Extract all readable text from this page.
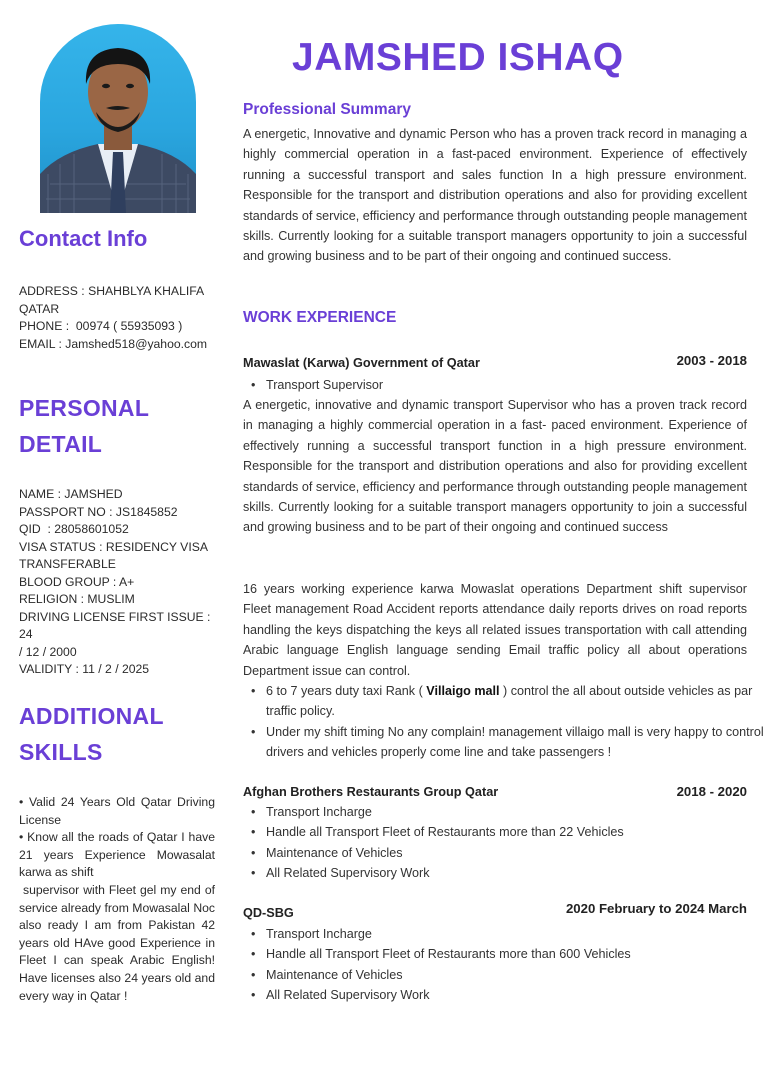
Contact Info
ADDRESS : SHAHBLYA KHALIFA
QATAR
PHONE :  00974 ( 55935093 )
EMAIL : Jamshed518@yahoo.com
PERSONAL
DETAIL
NAME : JAMSHED
PASSPORT NO : JS1845852
QID  : 28058601052
VISA STATUS : RESIDENCY VISA
TRANSFERABLE
BLOOD GROUP : A+
RELIGION : MUSLIM
DRIVING LICENSE FIRST ISSUE : 24
/ 12 / 2000
VALIDITY : 11 / 2 / 2025
ADDITIONAL
SKILLS
• Valid 24 Years Old Qatar Driving License
• Know all the roads of Qatar I have 21 years Experience Mowasalat karwa as shift
supervisor with Fleet gel my end of service already from Mowasalal Noc also ready I am from Pakistan 42 years old HAve good Experience in Fleet I can speak Arabic English! Have licenses also 24 years old and every way in Qatar !
JAMSHED ISHAQ
Professional Summary

A energetic, Innovative and dynamic Person who has a proven track record in managing a highly commercial operation in a fast-paced environment. Experience of effectively running a successful transport and sales function In a high pressure environment. Responsible for the transport and distribution operations and also for providing excellent standards of service, efficiency and performance through outstanding people management skills. Currently looking for a suitable transport managers opportunity to join a successful and growing business and to be part of their ongoing and continued success.

WORK EXPERIENCE
Mawaslat (Karwa) Government of Qatar	2003 - 2018
• Transport Supervisor

A energetic, innovative and dynamic transport Supervisor who has a proven track record in managing a highly commercial operation in a fast- paced environment. Experience of effectively running a successful transport function in a high pressure environment. Responsible for the transport and distribution operations and also for providing excellent standards of service, efficiency and performance through outstanding people management skills. Currently looking for a suitable transport managers opportunity to join a successful and growing business and to be part of their ongoing and continued success

16 years working experience karwa Mowaslat operations Department shift supervisor Fleet management Road Accident reports attendance daily reports drives on road reports handling the keys dispatching the keys all related issues transportation with call attending Arabic language English language sending Email traffic policy all about operations Department issue can control.

• 6 to 7 years duty taxi Rank ( Villaigo mall ) control the all about outside vehicles as par traffic policy.
• Under my shift timing No any complain! management villaigo mall is very happy to control drivers and vehicles properly come line and take passengers !
Afghan Brothers Restaurants Group Qatar	2018 - 2020
• Transport Incharge
• Handle all Transport Fleet of Restaurants more than 22 Vehicles
• Maintenance of Vehicles
• All Related Supervisory Work
QD-SBG	2020 February to 2024 March
• Transport Incharge
• Handle all Transport Fleet of Restaurants more than 600 Vehicles
• Maintenance of Vehicles
• All Related Supervisory Work
